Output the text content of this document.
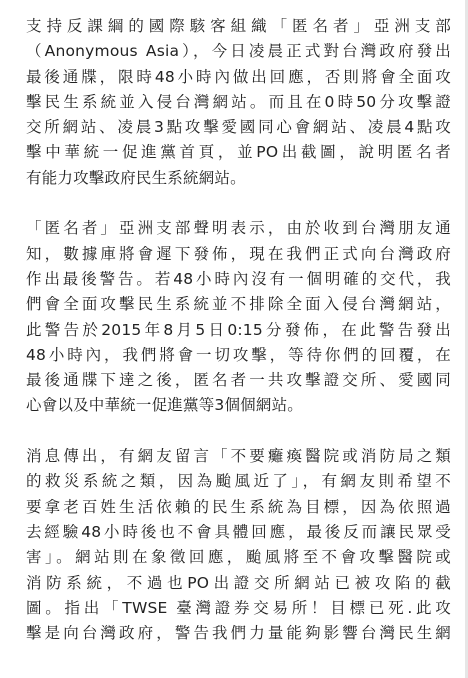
支持反課綱的國際駭客組織「匿名者」亞洲支部
（Anonymous Asia），今日凌晨正式對台灣政府發出
最後通牒，限時48小時內做出回應，否則將會全面攻
擊民生系統並入侵台灣網站。而且在0時50分攻擊證
交所網站、凌晨3點攻擊愛國同心會網站、凌晨4點攻
擊中華統一促進黨首頁，並PO出截圖，說明匿名者
有能力攻擊政府民生系統網站。

「匿名者」亞洲支部聲明表示，由於收到台灣朋友通
知，數據庫將會遲下發佈，現在我們正式向台灣政府
作出最後警告。若48小時內沒有一個明確的交代，我
們會全面攻擊民生系統並不排除全面入侵台灣網站，
此警告於2015年8月5日0:15分發佈，在此警告發出
48小時內，我們將會一切攻擊，等待你們的回覆，在
最後通牒下達之後，匿名者一共攻擊證交所、愛國同
心會以及中華統一促進黨等3個個網站。

消息傳出，有網友留言「不要癱瘓醫院或消防局之類
的救災系統之類，因為颱風近了」，有網友則希望不
要拿老百姓生活依賴的民生系統為目標，因為依照過
去經驗48小時後也不會具體回應，最後反而讓民眾受
害」。網站則在象徵回應，颱風將至不會攻擊醫院或
消防系統，不過也PO出證交所網站已被攻陷的截
圖。指出「TWSE 臺灣證券交易所！目標已死.此攻
擊是向台灣政府，警告我們力量能夠影響台灣民生網
